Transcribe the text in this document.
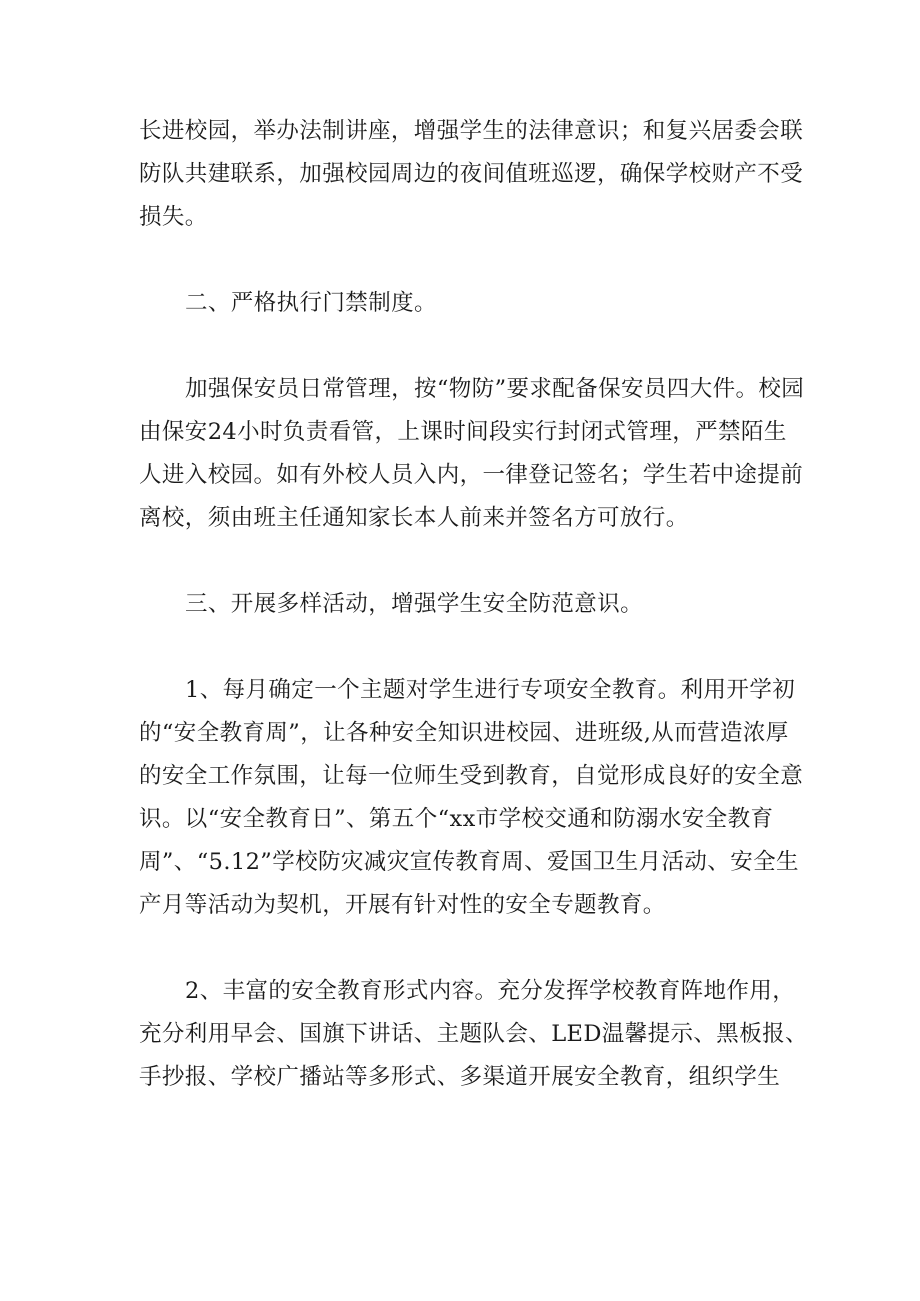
长进校园，举办法制讲座，增强学生的法律意识；和复兴居委会联防队共建联系，加强校园周边的夜间值班巡逻，确保学校财产不受损失。

二、严格执行门禁制度。

加强保安员日常管理，按“物防”要求配备保安员四大件。校园由保安24小时负责看管，上课时间段实行封闭式管理，严禁陌生人进入校园。如有外校人员入内，一律登记签名；学生若中途提前离校，须由班主任通知家长本人前来并签名方可放行。

三、开展多样活动，增强学生安全防范意识。

1、每月确定一个主题对学生进行专项安全教育。利用开学初的“安全教育周”，让各种安全知识进校园、进班级,从而营造浓厚的安全工作氛围，让每一位师生受到教育，自觉形成良好的安全意识。以“安全教育日”、第五个“xx市学校交通和防溺水安全教育周”、“5.12”学校防灾减灾宣传教育周、爱国卫生月活动、安全生产月等活动为契机，开展有针对性的安全专题教育。

2、丰富的安全教育形式内容。充分发挥学校教育阵地作用，充分利用早会、国旗下讲话、主题队会、LED温馨提示、黑板报、手抄报、学校广播站等多形式、多渠道开展安全教育，组织学生
